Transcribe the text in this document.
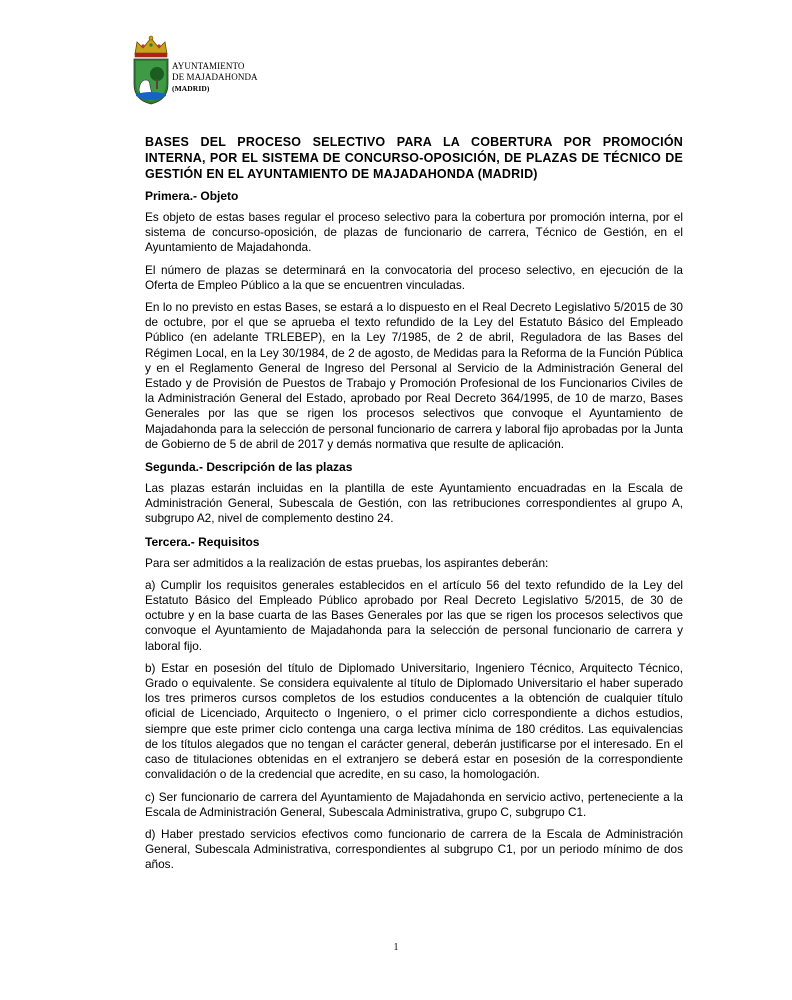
AYUNTAMIENTO
DE MAJADAHONDA
(MADRID)
BASES DEL PROCESO SELECTIVO PARA LA COBERTURA POR PROMOCIÓN INTERNA, POR EL SISTEMA DE CONCURSO-OPOSICIÓN, DE PLAZAS DE TÉCNICO DE GESTIÓN EN EL AYUNTAMIENTO DE MAJADAHONDA (MADRID)
Primera.- Objeto

Es objeto de estas bases regular el proceso selectivo para la cobertura por promoción interna, por el sistema de concurso-oposición, de plazas de funcionario de carrera, Técnico de Gestión, en el Ayuntamiento de Majadahonda.

El número de plazas se determinará en la convocatoria del proceso selectivo, en ejecución de la Oferta de Empleo Público a la que se encuentren vinculadas.

En lo no previsto en estas Bases, se estará a lo dispuesto en el Real Decreto Legislativo 5/2015 de 30 de octubre, por el que se aprueba el texto refundido de la Ley del Estatuto Básico del Empleado Público (en adelante TRLEBEP), en la Ley 7/1985, de 2 de abril, Reguladora de las Bases del Régimen Local, en la Ley 30/1984, de 2 de agosto, de Medidas para la Reforma de la Función Pública y en el Reglamento General de Ingreso del Personal al Servicio de la Administración General del Estado y de Provisión de Puestos de Trabajo y Promoción Profesional de los Funcionarios Civiles de la Administración General del Estado, aprobado por Real Decreto 364/1995, de 10 de marzo, Bases Generales por las que se rigen los procesos selectivos que convoque el Ayuntamiento de Majadahonda para la selección de personal funcionario de carrera y laboral fijo aprobadas por la Junta de Gobierno de 5 de abril de 2017 y demás normativa que resulte de aplicación.

Segunda.- Descripción de las plazas

Las plazas estarán incluidas en la plantilla de este Ayuntamiento encuadradas en la Escala de Administración General, Subescala de Gestión, con las retribuciones correspondientes al grupo A, subgrupo A2, nivel de complemento destino 24.

Tercera.- Requisitos

Para ser admitidos a la realización de estas pruebas, los aspirantes deberán:

a) Cumplir los requisitos generales establecidos en el artículo 56 del texto refundido de la Ley del Estatuto Básico del Empleado Público aprobado por Real Decreto Legislativo 5/2015, de 30 de octubre y en la base cuarta de las Bases Generales por las que se rigen los procesos selectivos que convoque el Ayuntamiento de Majadahonda para la selección de personal funcionario de carrera y laboral fijo.

b) Estar en posesión del título de Diplomado Universitario, Ingeniero Técnico, Arquitecto Técnico, Grado o equivalente. Se considera equivalente al título de Diplomado Universitario el haber superado los tres primeros cursos completos de los estudios conducentes a la obtención de cualquier título oficial de Licenciado, Arquitecto o Ingeniero, o el primer ciclo correspondiente a dichos estudios, siempre que este primer ciclo contenga una carga lectiva mínima de 180 créditos. Las equivalencias de los títulos alegados que no tengan el carácter general, deberán justificarse por el interesado. En el caso de titulaciones obtenidas en el extranjero se deberá estar en posesión de la correspondiente convalidación o de la credencial que acredite, en su caso, la homologación.

c) Ser funcionario de carrera del Ayuntamiento de Majadahonda en servicio activo, perteneciente a la Escala de Administración General, Subescala Administrativa, grupo C, subgrupo C1.

d) Haber prestado servicios efectivos como funcionario de carrera de la Escala de Administración General, Subescala Administrativa, correspondientes al subgrupo C1, por un periodo mínimo de dos años.

1
